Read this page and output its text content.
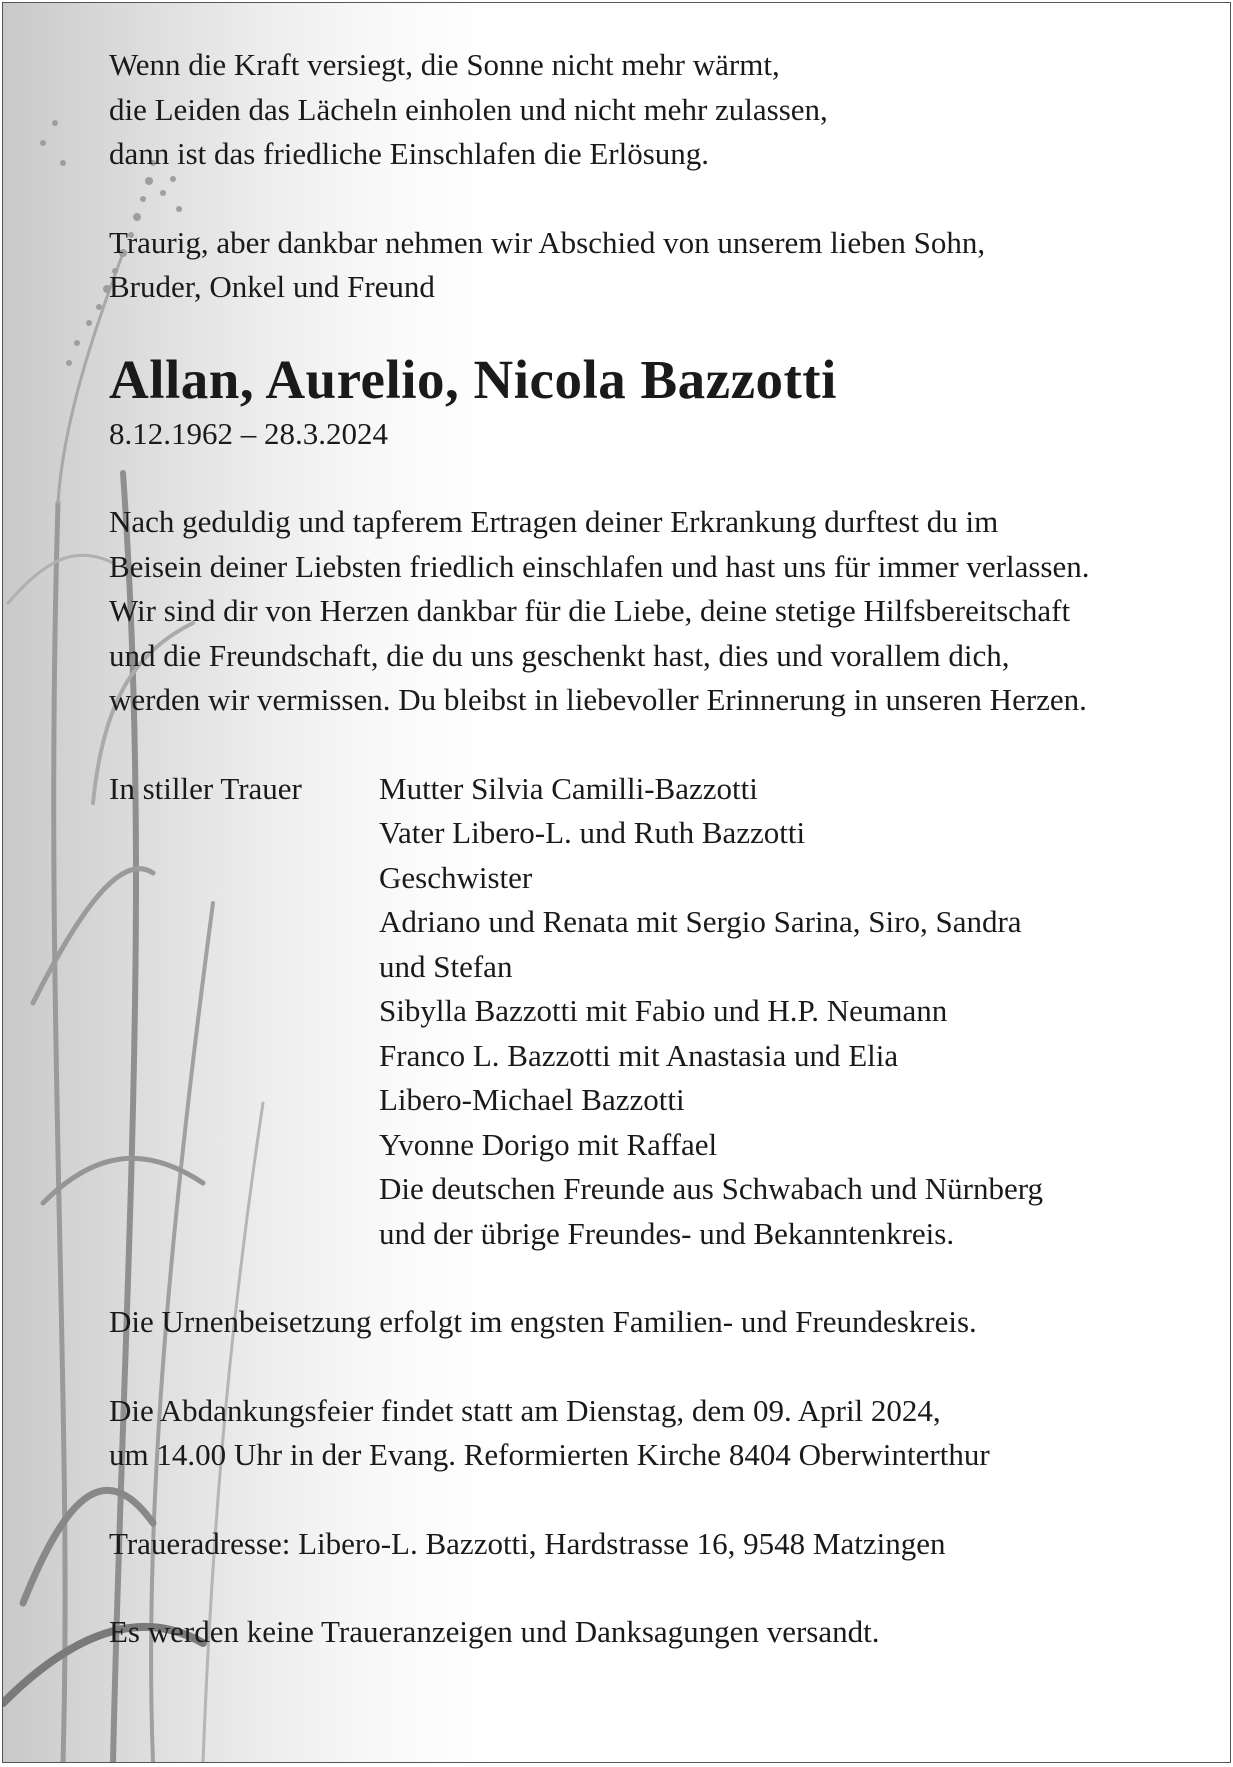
Wenn die Kraft versiegt, die Sonne nicht mehr wärmt,

die Leiden das Lächeln einholen und nicht mehr zulassen,

dann ist das friedliche Einschlafen die Erlösung.

Traurig, aber dankbar nehmen wir Abschied von unserem lieben Sohn,

Bruder, Onkel und Freund

Allan, Aurelio, Nicola Bazzotti

8.12.1962 – 28.3.2024

Nach geduldig und tapferem Ertragen deiner Erkrankung durftest du im

Beisein deiner Liebsten friedlich einschlafen und hast uns für immer verlassen.

Wir sind dir von Herzen dankbar für die Liebe, deine stetige Hilfsbereitschaft

und die Freundschaft, die du uns geschenkt hast, dies und vorallem dich,

werden wir vermissen. Du bleibst in liebevoller Erinnerung in unseren Herzen.

In stiller Trauer	Mutter Silvia Camilli-Bazzotti
Vater Libero-L. und Ruth Bazzotti
Geschwister
Adriano und Renata mit Sergio Sarina, Siro, Sandra
und Stefan
Sibylla Bazzotti mit Fabio und H.P. Neumann
Franco L. Bazzotti mit Anastasia und Elia
Libero-Michael Bazzotti
Yvonne Dorigo mit Raffael
Die deutschen Freunde aus Schwabach und Nürnberg
und der übrige Freundes- und Bekanntenkreis.

Die Urnenbeisetzung erfolgt im engsten Familien- und Freundeskreis.

Die Abdankungsfeier findet statt am Dienstag, dem 09. April 2024,

um 14.00 Uhr in der Evang. Reformierten Kirche 8404 Oberwinterthur

Traueradresse: Libero-L. Bazzotti, Hardstrasse 16, 9548 Matzingen

Es werden keine Traueranzeigen und Danksagungen versandt.
